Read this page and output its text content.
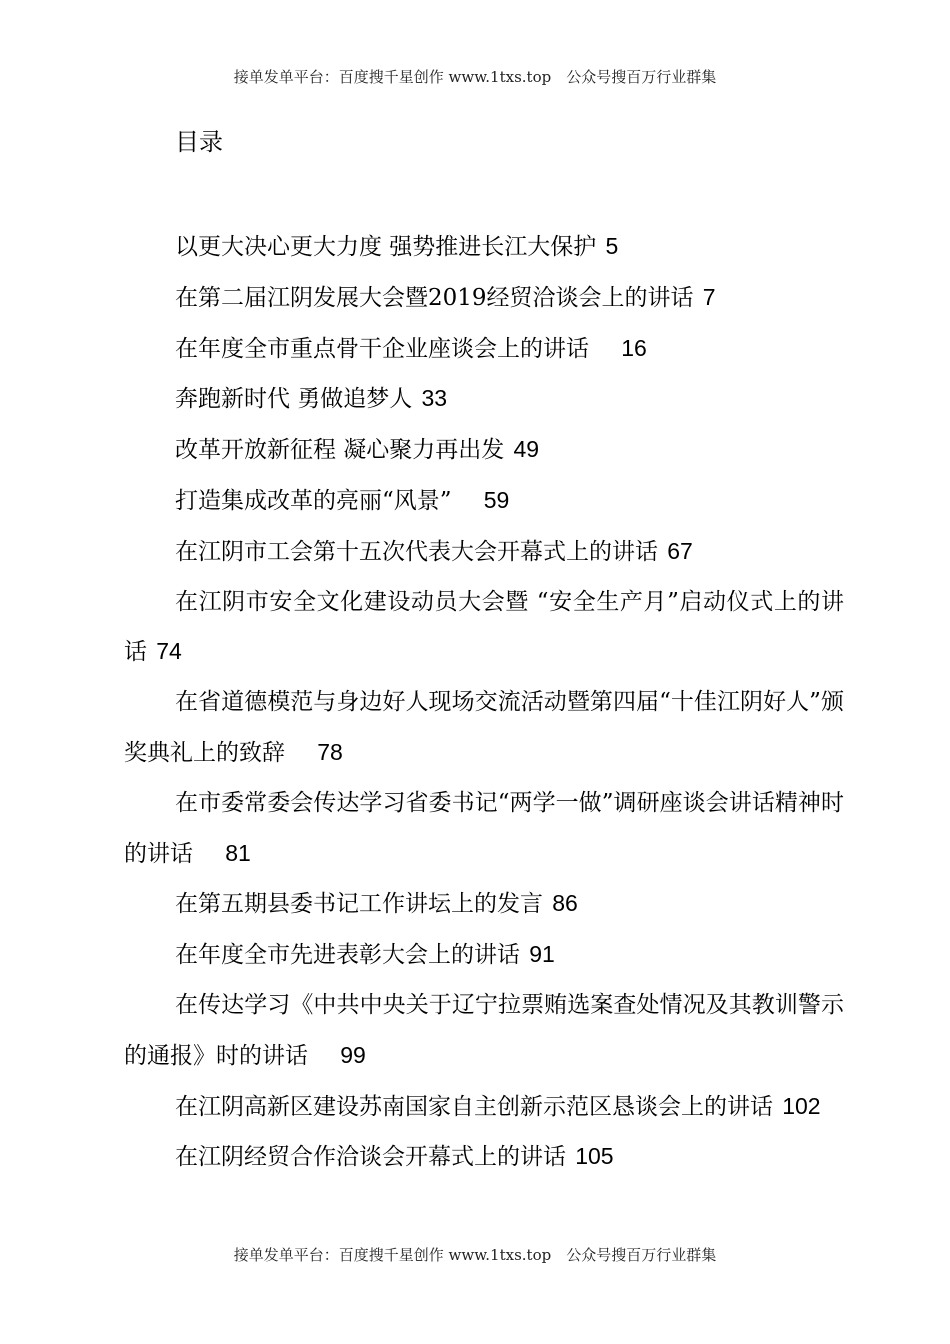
接单发单平台：百度搜千星创作 www.1txs.top　公众号搜百万行业群集
目录

以更大决心更大力度 强势推进长江大保护 5

在第二届江阴发展大会暨2019经贸洽谈会上的讲话 7

在年度全市重点骨干企业座谈会上的讲话　16

奔跑新时代 勇做追梦人 33

改革开放新征程 凝心聚力再出发 49

打造集成改革的亮丽“风景”　59

在江阴市工会第十五次代表大会开幕式上的讲话 67

在江阴市安全文化建设动员大会暨 “安全生产月”启动仪式上的讲话 74

在省道德模范与身边好人现场交流活动暨第四届“十佳江阴好人”颁奖典礼上的致辞　78

在市委常委会传达学习省委书记“两学一做”调研座谈会讲话精神时的讲话　81

在第五期县委书记工作讲坛上的发言 86

在年度全市先进表彰大会上的讲话 91

在传达学习《中共中央关于辽宁拉票贿选案查处情况及其教训警示的通报》时的讲话　99

在江阴高新区建设苏南国家自主创新示范区恳谈会上的讲话 102

在江阴经贸合作洽谈会开幕式上的讲话 105

接单发单平台：百度搜千星创作 www.1txs.top　公众号搜百万行业群集
